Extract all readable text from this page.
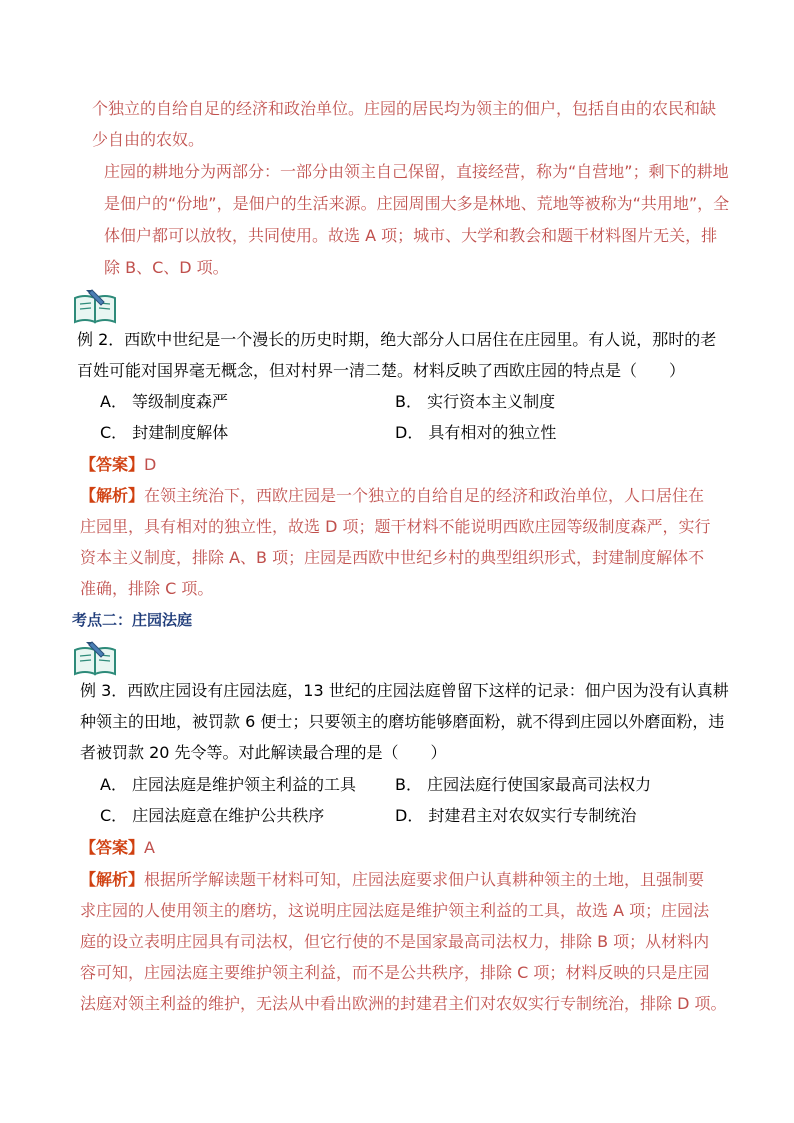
个独立的自给自足的经济和政治单位。庄园的居民均为领主的佃户，包括自由的农民和缺
少自由的农奴。
庄园的耕地分为两部分：一部分由领主自己保留，直接经营，称为“自营地”；剩下的耕地
是佃户的“份地”，是佃户的生活来源。庄园周围大多是林地、荒地等被称为“共用地”，全
体佃户都可以放牧，共同使用。故选 A 项；城市、大学和教会和题干材料图片无关，排
除 B、C、D 项。
例 2．西欧中世纪是一个漫长的历史时期，绝大部分人口居住在庄园里。有人说，那时的老
百姓可能对国界毫无概念，但对村界一清二楚。材料反映了西欧庄园的特点是（　　）
A． 等级制度森严	B． 实行资本主义制度
C． 封建制度解体	D． 具有相对的独立性
【答案】D
【解析】在领主统治下，西欧庄园是一个独立的自给自足的经济和政治单位，人口居住在
庄园里，具有相对的独立性，故选 D 项；题干材料不能说明西欧庄园等级制度森严，实行
资本主义制度，排除 A、B 项；庄园是西欧中世纪乡村的典型组织形式，封建制度解体不
准确，排除 C 项。
考点二：庄园法庭
例 3．西欧庄园设有庄园法庭，13 世纪的庄园法庭曾留下这样的记录：佃户因为没有认真耕
种领主的田地，被罚款 6 便士；只要领主的磨坊能够磨面粉，就不得到庄园以外磨面粉，违
者被罚款 20 先令等。对此解读最合理的是（　　）
A． 庄园法庭是维护领主利益的工具 B． 庄园法庭行使国家最高司法权力
C． 庄园法庭意在维护公共秩序	D． 封建君主对农奴实行专制统治
【答案】A
【解析】根据所学解读题干材料可知，庄园法庭要求佃户认真耕种领主的土地，且强制要
求庄园的人使用领主的磨坊，这说明庄园法庭是维护领主利益的工具，故选 A 项；庄园法
庭的设立表明庄园具有司法权，但它行使的不是国家最高司法权力，排除 B 项；从材料内
容可知，庄园法庭主要维护领主利益，而不是公共秩序，排除 C 项；材料反映的只是庄园
法庭对领主利益的维护，无法从中看出欧洲的封建君主们对农奴实行专制统治，排除 D 项。
